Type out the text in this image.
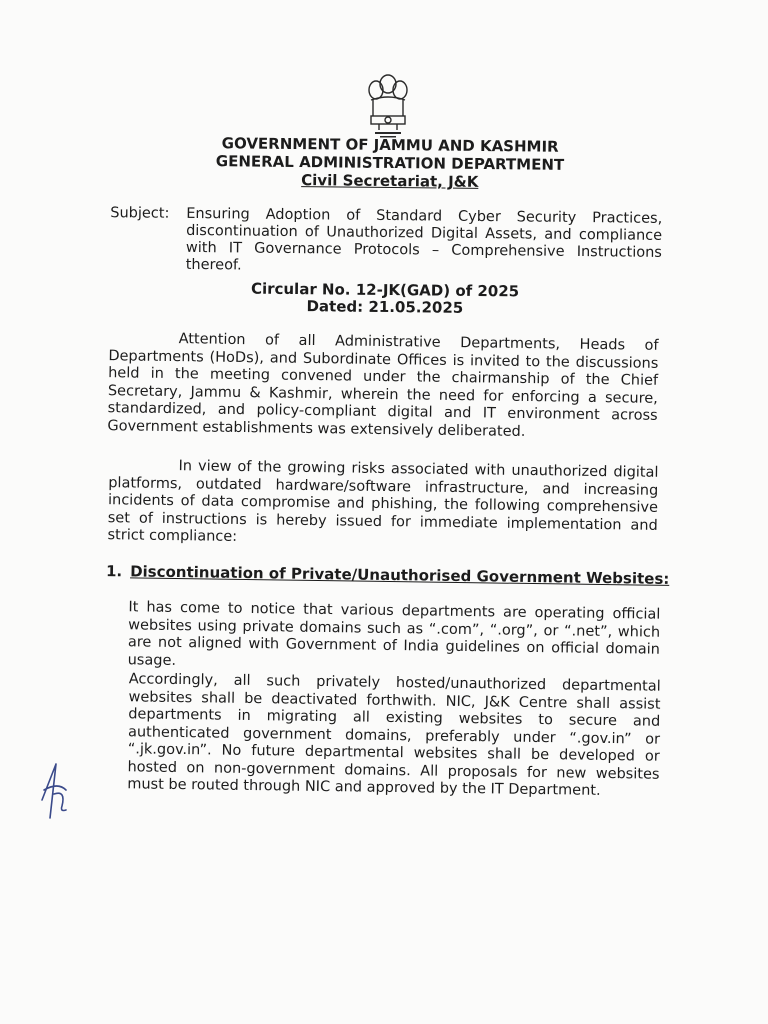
GOVERNMENT OF JAMMU AND KASHMIR
GENERAL ADMINISTRATION DEPARTMENT
Civil Secretariat, J&K
Subject:	Ensuring Adoption of Standard Cyber Security Practices, discontinuation of Unauthorized Digital Assets, and compliance with IT Governance Protocols – Comprehensive Instructions thereof.
Circular No. 12-JK(GAD) of 2025
Dated: 21.05.2025
Attention of all Administrative Departments, Heads of Departments (HoDs), and Subordinate Offices is invited to the discussions held in the meeting convened under the chairmanship of the Chief Secretary, Jammu & Kashmir, wherein the need for enforcing a secure, standardized, and policy-compliant digital and IT environment across Government establishments was extensively deliberated.
In view of the growing risks associated with unauthorized digital platforms, outdated hardware/software infrastructure, and increasing incidents of data compromise and phishing, the following comprehensive set of instructions is hereby issued for immediate implementation and strict compliance:
1. Discontinuation of Private/Unauthorised Government Websites:
It has come to notice that various departments are operating official websites using private domains such as “.com”, “.org”, or “.net”, which are not aligned with Government of India guidelines on official domain usage.
Accordingly, all such privately hosted/unauthorized departmental websites shall be deactivated forthwith. NIC, J&K Centre shall assist departments in migrating all existing websites to secure and authenticated government domains, preferably under “.gov.in” or “.jk.gov.in”. No future departmental websites shall be developed or hosted on non-government domains. All proposals for new websites must be routed through NIC and approved by the IT Department.
